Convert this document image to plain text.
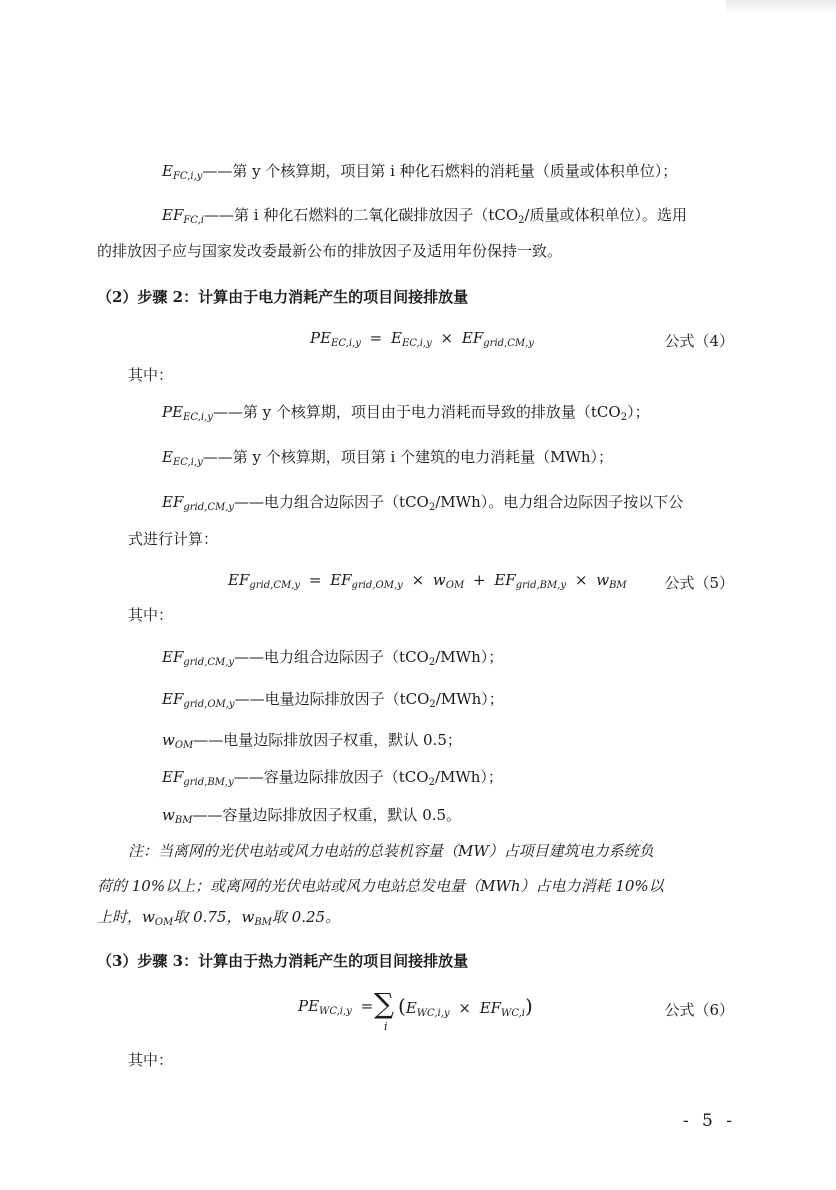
$E_{FC,i,y}——$第 y 个核算期，项目第 i 种化石燃料的消耗量（质量或体积单位）；
$EF_{FC,i}——$第 i 种化石燃料的二氧化碳排放因子（tCO$_2$/质量或体积单位）。选用
的排放因子应与国家发改委最新公布的排放因子及适用年份保持一致。
（2）步骤 2：计算由于电力消耗产生的项目间接排放量
$PE_{EC,i,y} = E_{EC,i,y} \times EF_{grid,CM,y}$	公式（4）
其中：
$PE_{EC,i,y}——$第 y 个核算期，项目由于电力消耗而导致的排放量（tCO$_2$）；
$E_{EC,i,y}——$第 y 个核算期，项目第 i 个建筑的电力消耗量（MWh）；
$EF_{grid,CM,y}——$电力组合边际因子（tCO$_2$/MWh）。电力组合边际因子按以下公
式进行计算：
$EF_{grid,CM,y} = EF_{grid,OM,y} \times w_{OM} + EF_{grid,BM,y} \times w_{BM}$	公式（5）
其中：
$EF_{grid,CM,y}——$电力组合边际因子（tCO$_2$/MWh）；
$EF_{grid,OM,y}——$电量边际排放因子（tCO$_2$/MWh）；
$w_{OM}——$电量边际排放因子权重，默认 0.5；
$EF_{grid,BM,y}——$容量边际排放因子（tCO$_2$/MWh）；
$w_{BM}——$容量边际排放因子权重，默认 0.5。
注：当离网的光伏电站或风力电站的总装机容量（MW）占项目建筑电力系统负
荷的 10%以上；或离网的光伏电站或风力电站总发电量（MWh）占电力消耗 10%以
上时，$w_{OM}$取 0.75，$w_{BM}$取 0.25。
（3）步骤 3：计算由于热力消耗产生的项目间接排放量
$PE_{WC,i,y}$ = ∑
i
$(E_{WC,i,y} \times EF_{WC,i})$	公式（6）
其中：
- 5 -
